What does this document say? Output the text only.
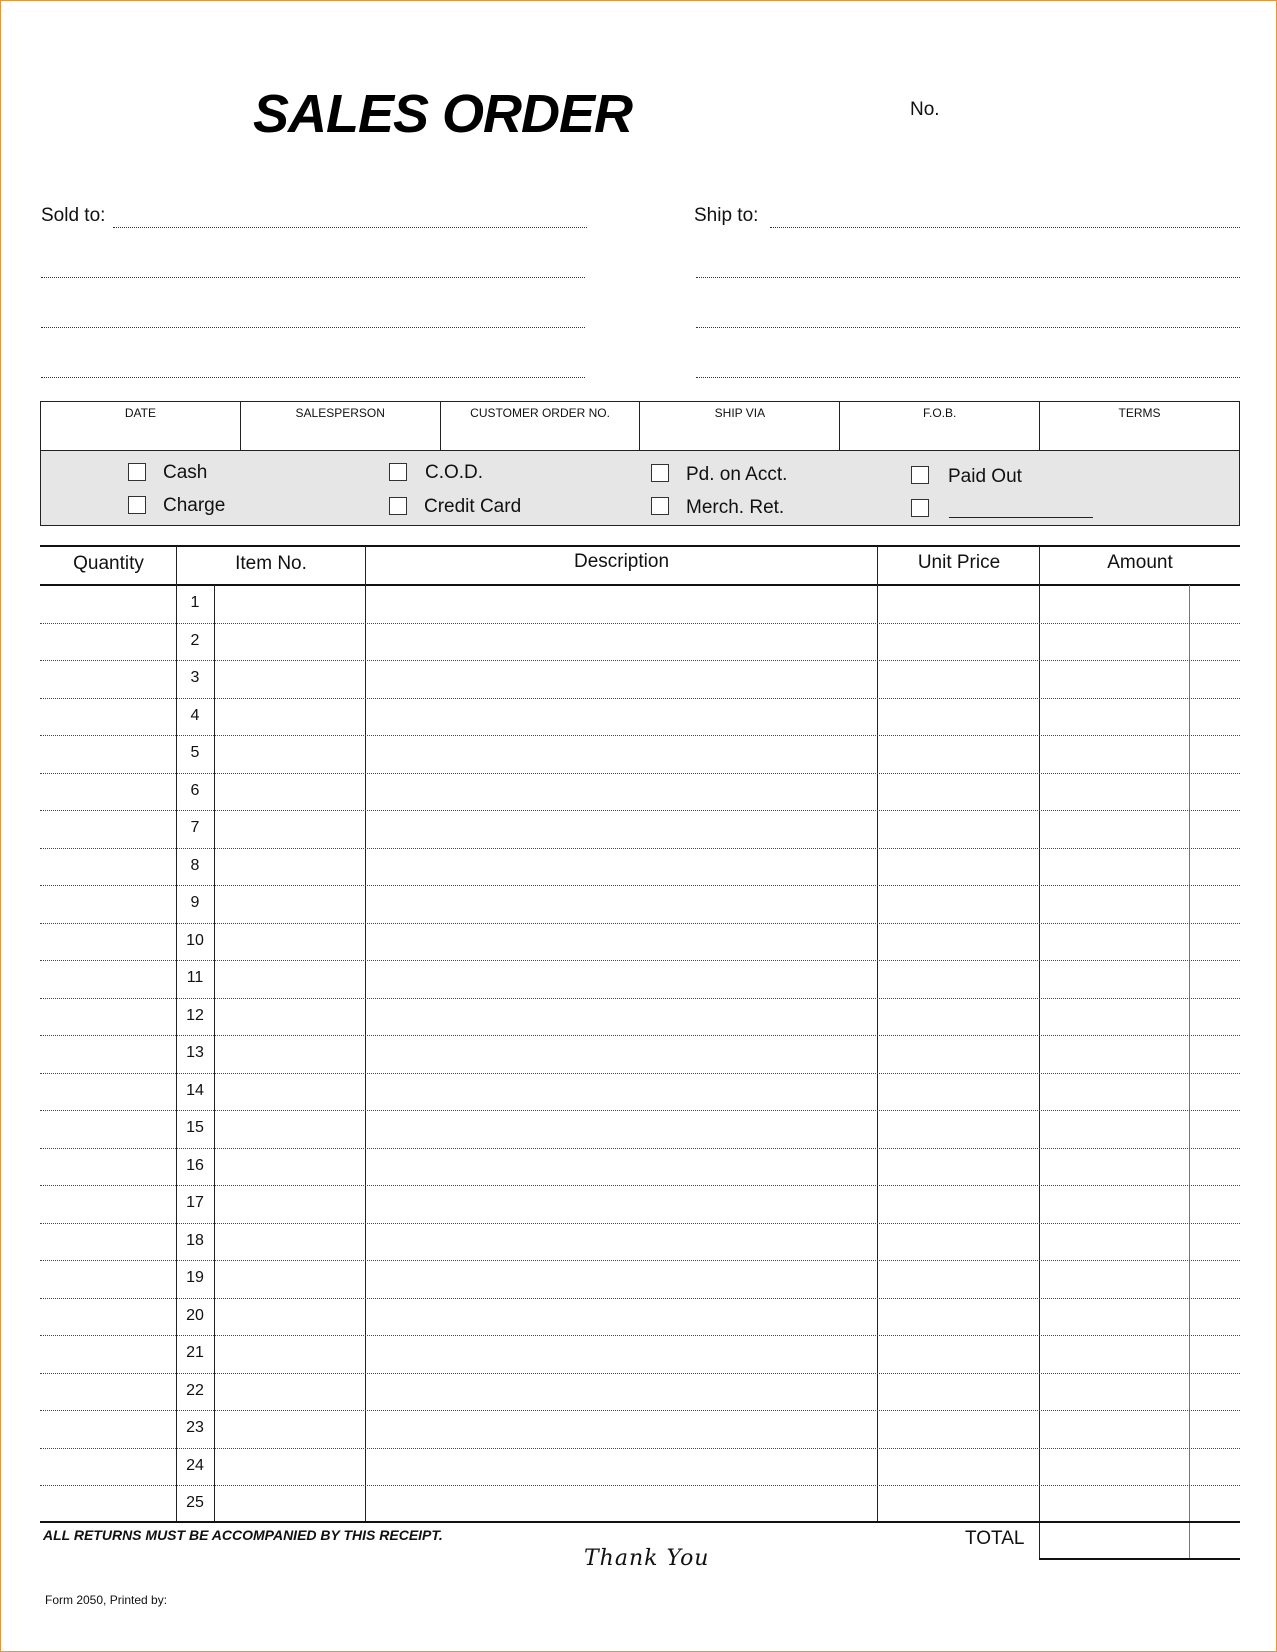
SALES ORDER	No.
Sold to:	Ship to:
DATE	SALESPERSON	CUSTOMER ORDER NO.	SHIP VIA	F.O.B.	TERMS
Cash
Charge
C.O.D.
Credit Card
Pd. on Acct.
Merch. Ret.
Paid Out
Quantity	Item No.	Description	Unit Price	Amount
1
2
3
4
5
6
7
8
9
10
11
12
13
14
15
16
17
18
19
20
21
22
23
24
25
ALL RETURNS MUST BE ACCOMPANIED BY THIS RECEIPT.	TOTAL
Thank You
Form 2050, Printed by:
